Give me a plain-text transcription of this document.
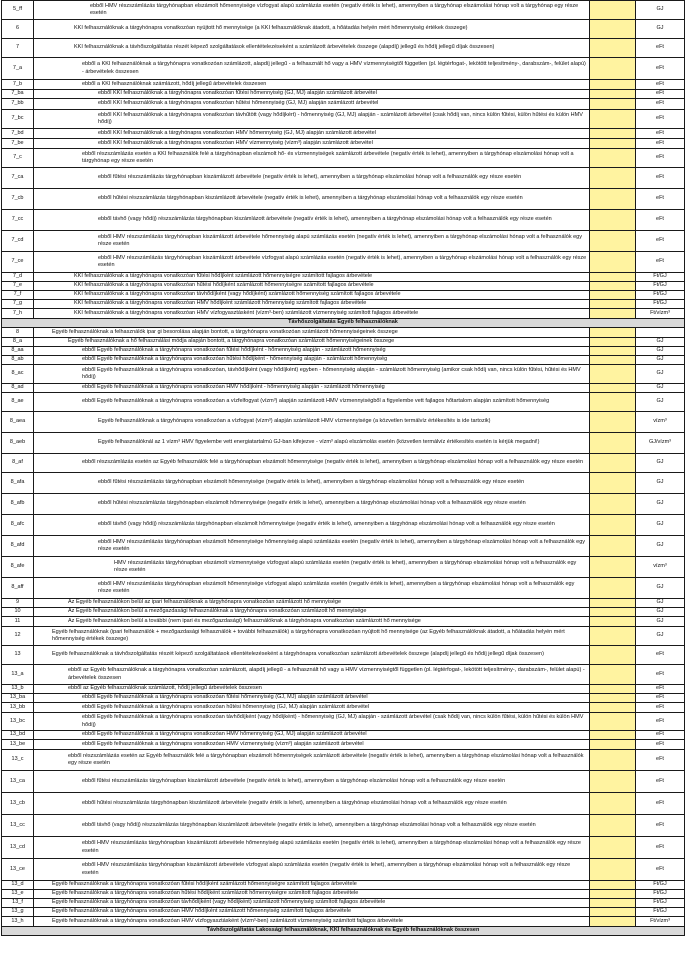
5_ff	ebből HMV részszámlázás tárgyhónapban elszámolt hőmennyisége vízfogyat alapú számlázás esetén (negatív érték is lehet), amennyiben a tárgyhónap elszámolási hónap volt a tárgyhónap egy része esetén		GJ
6	KKI felhasználóknak a tárgyhónapra vonatkozóan nyújtott hő mennyisége (a KKI felhasználóknak átadott, a hőátadás helyén mért hőmennyiség értékek összege)		GJ
7	KKI felhasználóknak a távhőszolgáltatás részét képező szolgáltatások ellentételezéseként a számlázott árbevételek összege (alapdíj) jellegű és hődíj jellegű díjak összesen)		eFt
7_a	ebből a KKI felhasználóknak a tárgyhónapra vonatkozóan számlázott, alapdíj jellegű - a felhasznált hő vagy a HMV vízmennyiségtől független (pl. légtérfogat-, lekötött teljesítmény-, darabszám-, felület alapú) - árbevételek összesen		eFt
7_b	ebből a KKI felhasználóknak számlázott, hődíj jellegű árbevételek összesen		eFt
7_ba	ebből KKI felhasználóknak a tárgyhónapra vonatkozóan fűtési hőmennyiség (GJ, MJ) alapján számlázott árbevétel		eFt
7_bb	ebből KKI felhasználóknak a tárgyhónapra vonatkozóan hűtési hőmennyiség (GJ, MJ) alapján számlázott árbevétel		eFt
7_bc	ebből KKI felhasználóknak a tárgyhónapra vonatkozóan távhűtött (vagy hődíjkért) - hőmennyiség (GJ, MJ) alapján - számlázott árbevétel (csak hődíj van, nincs külön fűtési, külön hűtési és külön HMV hődíj)		eFt
7_bd	ebből KKI felhasználóknak a tárgyhónapra vonatkozóan HMV hőmennyiség (GJ, MJ) alapján számlázott árbevétel		eFt
7_be	ebből KKI felhasználóknak a tárgyhónapra vonatkozóan HMV vízmennyiség (vízm³) alapján számlázott árbevétel		eFt
7_c	ebből részszámlázás esetén a KKI felhasználók felé a tárgyhónapban elszámolt hő- és vízmennyiségek számlázott árbevétele (negatív érték is lehet), amennyiben a tárgyhónap elszámolási hónap volt a tárgyhónap egy része esetén		eFt
7_ca	ebből fűtési részszámlázás tárgyhónapban kiszámlázott árbevétele (negatív érték is lehet), amennyiben a tárgyhónap elszámolási hónap volt a felhasználók egy része esetén		eFt
7_cb	ebből hűtési részszámlázás tárgyhónapban kiszámlázott árbevétele (negatív érték is lehet), amennyiben a tárgyhónap elszámolási hónap volt a felhasználók egy része esetén		eFt
7_cc	ebből távhő (vagy hődíj) részszámlázás tárgyhónapban kiszámlázott árbevétele (negatív érték is lehet), amennyiben a tárgyhónap elszámolási hónap volt a felhasználók egy része esetén		eFt
7_cd	ebből HMV részszámlázás tárgyhónapban kiszámlázott árbevétele hőmennyiség alapú számlázás esetén (negatív érték is lehet), amennyiben a tárgyhónap elszámolási hónap volt a felhasználók egy része esetén		eFt
7_ce	ebből HMV részszámlázás tárgyhónapban kiszámlázott árbevétele vízfogyat alapú számlázás esetén (negatív érték is lehet), amennyiben a tárgyhónap elszámolási hónap volt a felhasználók egy része esetén		eFt
7_d	KKI felhasználóknak a tárgyhónapra vonatkozóan fűtési hődíjként számlázott hőmennyiségre számított fajlagos árbevétele		Ft/GJ
7_e	KKI felhasználóknak a tárgyhónapra vonatkozóan hűtési hődíjként számlázott hőmennyiségre számított fajlagos árbevétele		Ft/GJ
7_f	KKI felhasználóknak a tárgyhónapra vonatkozóan távhődíjként (vagy hődíjként) számlázott hőmennyiség számított fajlagos árbevétele		Ft/GJ
7_g	KKI felhasználóknak a tárgyhónapra vonatkozóan HMV hődíjként számlázott hőmennyiség számított fajlagos árbevétele		Ft/GJ
7_h	KKI felhasználóknak a tárgyhónapra vonatkozóan HMV vízfogyasztásként (vízm³-ben) számlázott vízmennyiség számított fajlagos árbevétele		Ft/vízm³
Távhőszolgáltatás Egyéb felhasználóknak			
8	Egyéb felhasználóknak a felhasználók ipar gi besorolása alapján bontott, a tárgyhónapra vonatkozóan számlázott hőmennyiségeinek összege		
8_a	Egyéb felhasználóknak a hő felhasználási módja alapján bontott, a tárgyhónapra vonatkozóan számlázott hőmennyiségeinek összege		GJ
8_aa	ebből Egyéb felhasználóknak a tárgyhónapra vonatkozóan fűtési hődíjként - hőmennyiség alapján - számlázott hőmennyiség		GJ
8_ab	ebből Egyéb felhasználóknak a tárgyhónapra vonatkozóan hűtési hődíjként - hőmennyiség alapján - számlázott hőmennyiség		GJ
8_ac	ebből Egyéb felhasználóknak a tárgyhónapra vonatkozóan, távhődíjként (vagy hődíjként) egyben - hőmennyiség alapján - számlázott hőmennyiség (amikor csak hődíj van, nincs külön fűtési, hűtési és HMV hődíj)		GJ
8_ad	ebből Egyéb felhasználóknak a tárgyhónapra vonatkozóan HMV hődíjként - hőmennyiség alapján - számlázott hőmennyiség		GJ
8_ae	ebből Egyéb felhasználóknak a tárgyhónapra vonatkozóan a vízfelfogyat (vízm³) alapján számlázott HMV vízmennyiségből a figyelembe vett fajlagos hőtartalom alapján számított hőmennyiség		GJ
8_aea	Egyéb felhasználóknak a tárgyhónapra vonatkozóan a vízfogyat (vízm³) alapján számlázott HMV vízmennyisége (a közvetlen termálvíz értékesítés is ide tartozik)		vízm³
8_aeb	Egyéb felhasználóknál az 1 vízm³ HMV figyelembe vett energiatartalmú GJ-ban kifejezve - vízm³ alapú elszámolás esetén (közvetlen termálvíz értékesítés esetén is kérjük megadni!)		GJ/vízm³
8_af	ebből részszámlázás esetén az Egyéb felhasználók felé a tárgyhónapban elszámolt hőmennyisége (negatív érték is lehet), amennyiben a tárgyhónap elszámolási hónap volt a felhasználók egy része esetén		GJ
8_afa	ebből fűtési részszámlázás tárgyhónapban elszámolt hőmennyisége (negatív érték is lehet), amennyiben a tárgyhónap elszámolási hónap volt a felhasználók egy része esetén		GJ
8_afb	ebből hűtési részszámlázás tárgyhónapban elszámolt hőmennyisége (negatív érték is lehet), amennyiben a tárgyhónap elszámolási hónap volt a felhasználók egy része esetén		GJ
8_afc	ebből távhő (vagy hődíj) részszámlázás tárgyhónapban elszámolt hőmennyisége (negatív érték is lehet), amennyiben a tárgyhónap elszámolási hónap volt a felhasználók egy része esetén		GJ
8_afd	ebből HMV részszámlázás tárgyhónapban elszámolt hőmennyisége hőmennyiség alapú számlázás esetén (negatív érték is lehet), amennyiben a tárgyhónap elszámolási hónap volt a felhasználók egy része esetén		GJ
8_afe	HMV részszámlázás tárgyhónapban elszámolt vízmennyisége vízfogyat alapú számlázás esetén (negatív érték is lehet), amennyiben a tárgyhónap elszámolási hónap volt a felhasználók egy része esetén		vízm³
8_aff	ebből HMV részszámlázás tárgyhónapban elszámolt hőmennyisége vízfogyat alapú számlázás esetén (negatív érték is lehet), amennyiben a tárgyhónap elszámolási hónap volt a felhasználók egy része esetén		GJ
9	Az Egyéb felhasználókon belül az ipari felhasználóknak a tárgyhónapra vonatkozóan számlázott hő mennyisége		GJ
10	Az Egyéb felhasználókon belül a mezőgazdasági felhasználóknak a tárgyhónapra vonatkozóan számlázott hő mennyisége		GJ
11	Az Egyéb felhasználókon belül a további (nem ipari és mezőgazdasági) felhasználóknak a tárgyhónapra vonatkozóan számlázott hő mennyisége		GJ
12	Egyéb felhasználóknak (ipari felhasználók + mezőgazdasági felhasználók + további felhasználók) a tárgyhónapra vonatkozóan nyújtott hő mennyisége (az Egyéb felhasználóknak átadott, a hőátadás helyén mért hőmennyiség értékek összege)		GJ
13	Egyéb felhasználóknak a távhőszolgáltatás részét képező szolgáltatások ellentételezéseként a tárgyhónapra vonatkozóan számlázott árbevételek összege (alapdíj jellegű és hődíj jellegű díjak összesen)		eFt
13_a	ebből az Egyéb felhasználóknak a tárgyhónapra vonatkozóan számlázott, alapdíj jellegű - a felhasznált hő vagy a HMV vízmennyiségtől független (pl. légtérfogat-, lekötött teljesítmény-, darabszám-, felület alapú) - árbevételek összesen		eFt
13_b	ebből az Egyéb felhasználóknak számlázott, hődíj jellegű árbevételek összesen		eFt
13_ba	ebből Egyéb felhasználóknak a tárgyhónapra vonatkozóan fűtési hőmennyiség (GJ, MJ) alapján számlázott árbevétel		eFt
13_bb	ebből Egyéb felhasználóknak a tárgyhónapra vonatkozóan hűtési hőmennyiség (GJ, MJ) alapján számlázott árbevétel		eFt
13_bc	ebből Egyéb felhasználóknak a tárgyhónapra vonatkozóan távhődíjként (vagy hődíjként) - hőmennyiség (GJ, MJ) alapján - számlázott árbevétel (csak hődíj van, nincs külön fűtési, külön hűtési és külön HMV hődíj)		eFt
13_bd	ebből Egyéb felhasználóknak a tárgyhónapra vonatkozóan HMV hőmennyiség (GJ, MJ) alapján számlázott árbevétel		eFt
13_be	ebből Egyéb felhasználóknak a tárgyhónapra vonatkozóan HMV vízmennyiség (vízm³) alapján számlázott árbevétel		eFt
13_c	ebből részszámlázás esetén az Egyéb felhasználók felé a tárgyhónapban elszámolt hőmennyiségek számlázott árbevétele (negatív érték is lehet), amennyiben a tárgyhónap elszámolási hónap volt a felhasználók egy része esetén		eFt
13_ca	ebből fűtési részszámlázás tárgyhónapban kiszámlázott árbevétele (negatív érték is lehet), amennyiben a tárgyhónap elszámolási hónap volt a felhasználók egy része esetén		eFt
13_cb	ebből hűtési részszámlázás tárgyhónapban kiszámlázott árbevétele (negatív érték is lehet), amennyiben a tárgyhónap elszámolási hónap volt a felhasználók egy része esetén		eFt
13_cc	ebből távhő (vagy hődíj) részszámlázás tárgyhónapban kiszámlázott árbevétele (negatív érték is lehet), amennyiben a tárgyhónap elszámolási hónap volt a felhasználók egy része esetén		eFt
13_cd	ebből HMV részszámlázás tárgyhónapban kiszámlázott árbevétele hőmennyiség alapú számlázás esetén (negatív érték is lehet), amennyiben a tárgyhónap elszámolási hónap volt a felhasználók egy része esetén		eFt
13_ce	ebből HMV részszámlázás tárgyhónapban kiszámlázott árbevétele vízfogyat alapú számlázás esetén (negatív érték is lehet), amennyiben a tárgyhónap elszámolási hónap volt a felhasználók egy része esetén		eFt
13_d	Egyéb felhasználóknak a tárgyhónapra vonatkozóan fűtési hődíjként számlázott hőmennyiségre számított fajlagos árbevétele		Ft/GJ
13_e	Egyéb felhasználóknak a tárgyhónapra vonatkozóan hűtési hődíjként számlázott hőmennyiségre számított fajlagos árbevétele		Ft/GJ
13_f	Egyéb felhasználóknak a tárgyhónapra vonatkozóan távhődíjként (vagy hődíjként) számlázott hőmennyiség számított fajlagos árbevétele		Ft/GJ
13_g	Egyéb felhasználóknak a tárgyhónapra vonatkozóan HMV hődíjként számlázott hőmennyiség számított fajlagos árbevétele		Ft/GJ
13_h	Egyéb felhasználóknak a tárgyhónapra vonatkozóan HMV vízfogyasztásként (vízm³-ben) számlázott vízmennyiség számított fajlagos árbevétele		Ft/vízm³
Távhőszolgáltatás Lakossági felhasználóknak, KKI felhasználóknak és Egyéb felhasználóknak összesen			
